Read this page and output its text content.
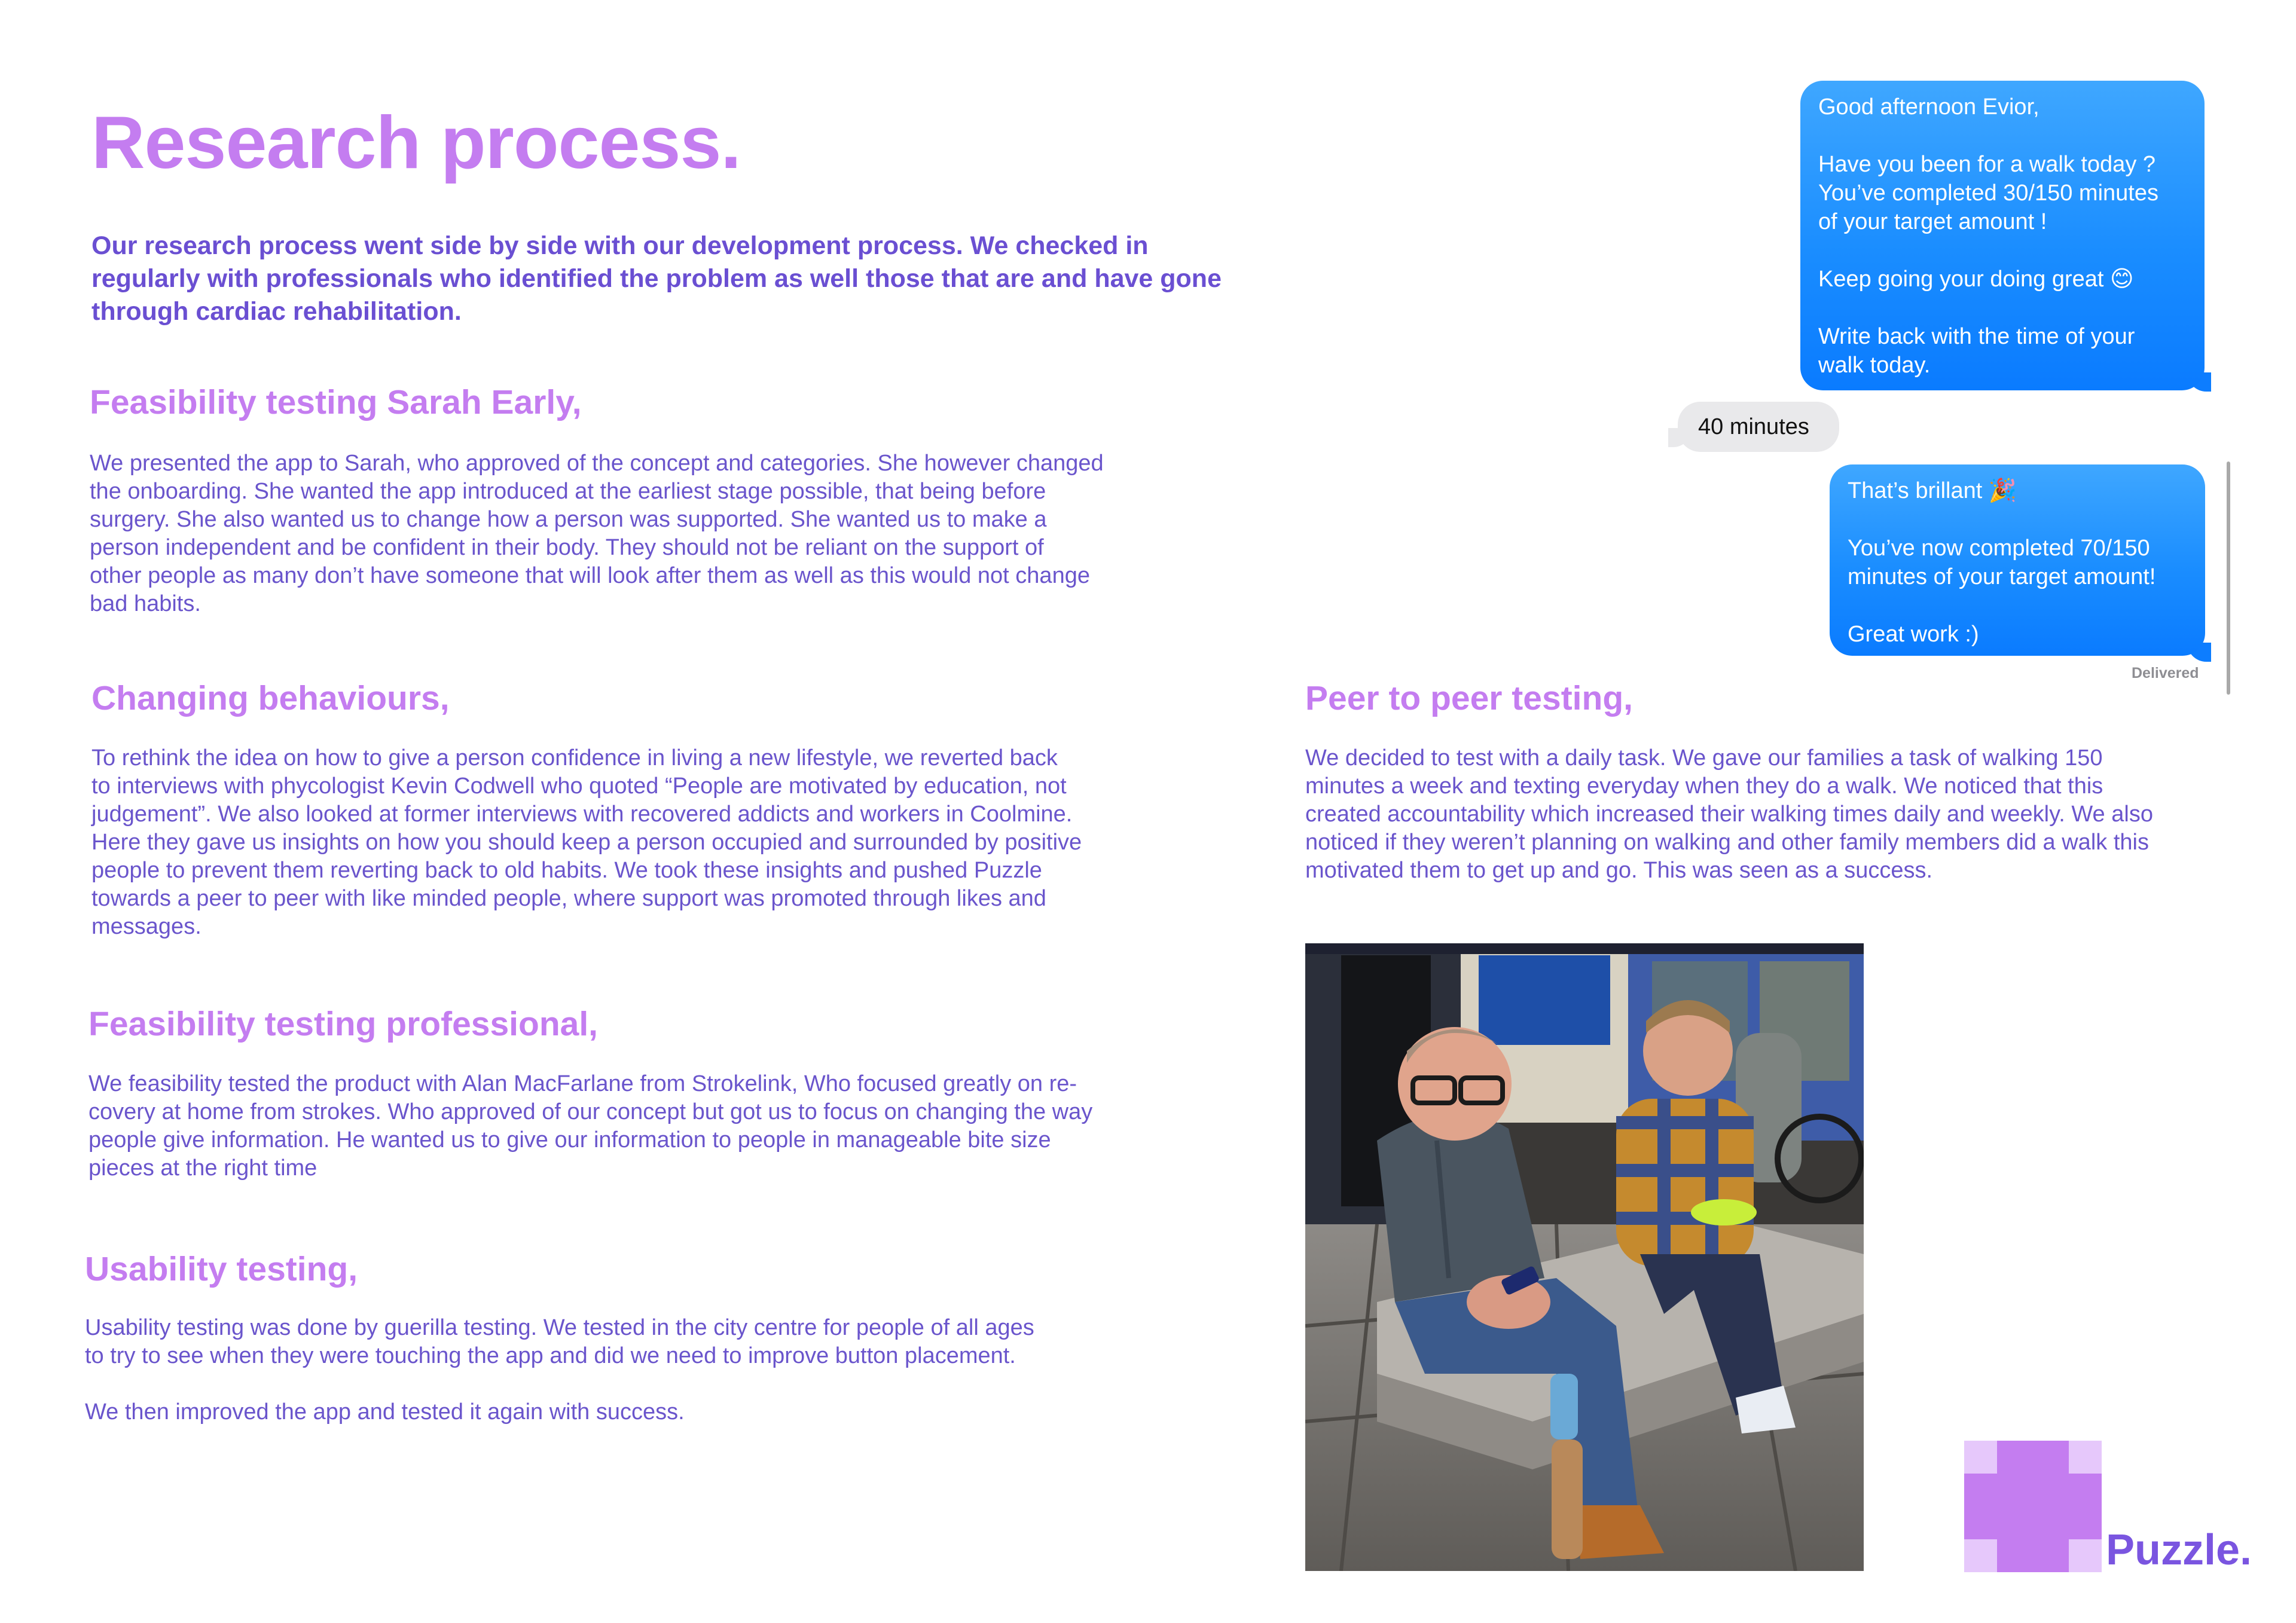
Research process.

Our research process went side by side with our development process. We checked in regularly with professionals who identified the problem as well those that are and have gone through cardiac rehabilitation.

Feasibility testing Sarah Early,

We presented the app to Sarah, who approved of the concept and categories. She however changed
the onboarding. She wanted the app introduced at the earliest stage possible, that being before
surgery. She also wanted us to change how a person was supported. She wanted us to make a
person independent and be confident in their body. They should not be reliant on the support of
other people as many don’t have someone that will look after them as well as this would not change
bad habits.

Changing behaviours,

To rethink the idea on how to give a person confidence in living a new lifestyle, we reverted back
to interviews with phycologist Kevin Codwell who quoted “People are motivated by education, not
judgement”. We also looked at former interviews with recovered addicts and workers in Coolmine.
Here they gave us insights on how you should keep a person occupied and surrounded by positive
people to prevent them reverting back to old habits. We took these insights and pushed Puzzle
towards a peer to peer with like minded people, where support was promoted through likes and
messages.

Feasibility testing professional,

We feasibility tested the product with Alan MacFarlane from Strokelink, Who focused greatly on re-
covery at home from strokes. Who approved of our concept but got us to focus on changing the way
people give information. He wanted us to give our information to people in manageable bite size
pieces at the right time

Usability testing,

Usability testing was done by guerilla testing. We tested in the city centre for people of all ages
to try to see when they were touching the app and did we need to improve button placement.

We then improved the app and tested it again with success.

Peer to peer testing,

We decided to test with a daily task. We gave our families a task of walking 150
minutes a week and texting everyday when they do a walk. We noticed that this
created accountability which increased their walking times daily and weekly. We also
noticed if they weren’t planning on walking and other family members did a walk this
motivated them to get up and go. This was seen as a success.

Good afternoon Evior,

Have you been for a walk today ?
You’ve completed 30/150 minutes
of your target amount !

Keep going your doing great 😊

Write back with the time of your
walk today.
40 minutes
That’s brillant 🎉

You’ve now completed 70/150
minutes of your target amount!

Great work :)
Delivered
Puzzle.
